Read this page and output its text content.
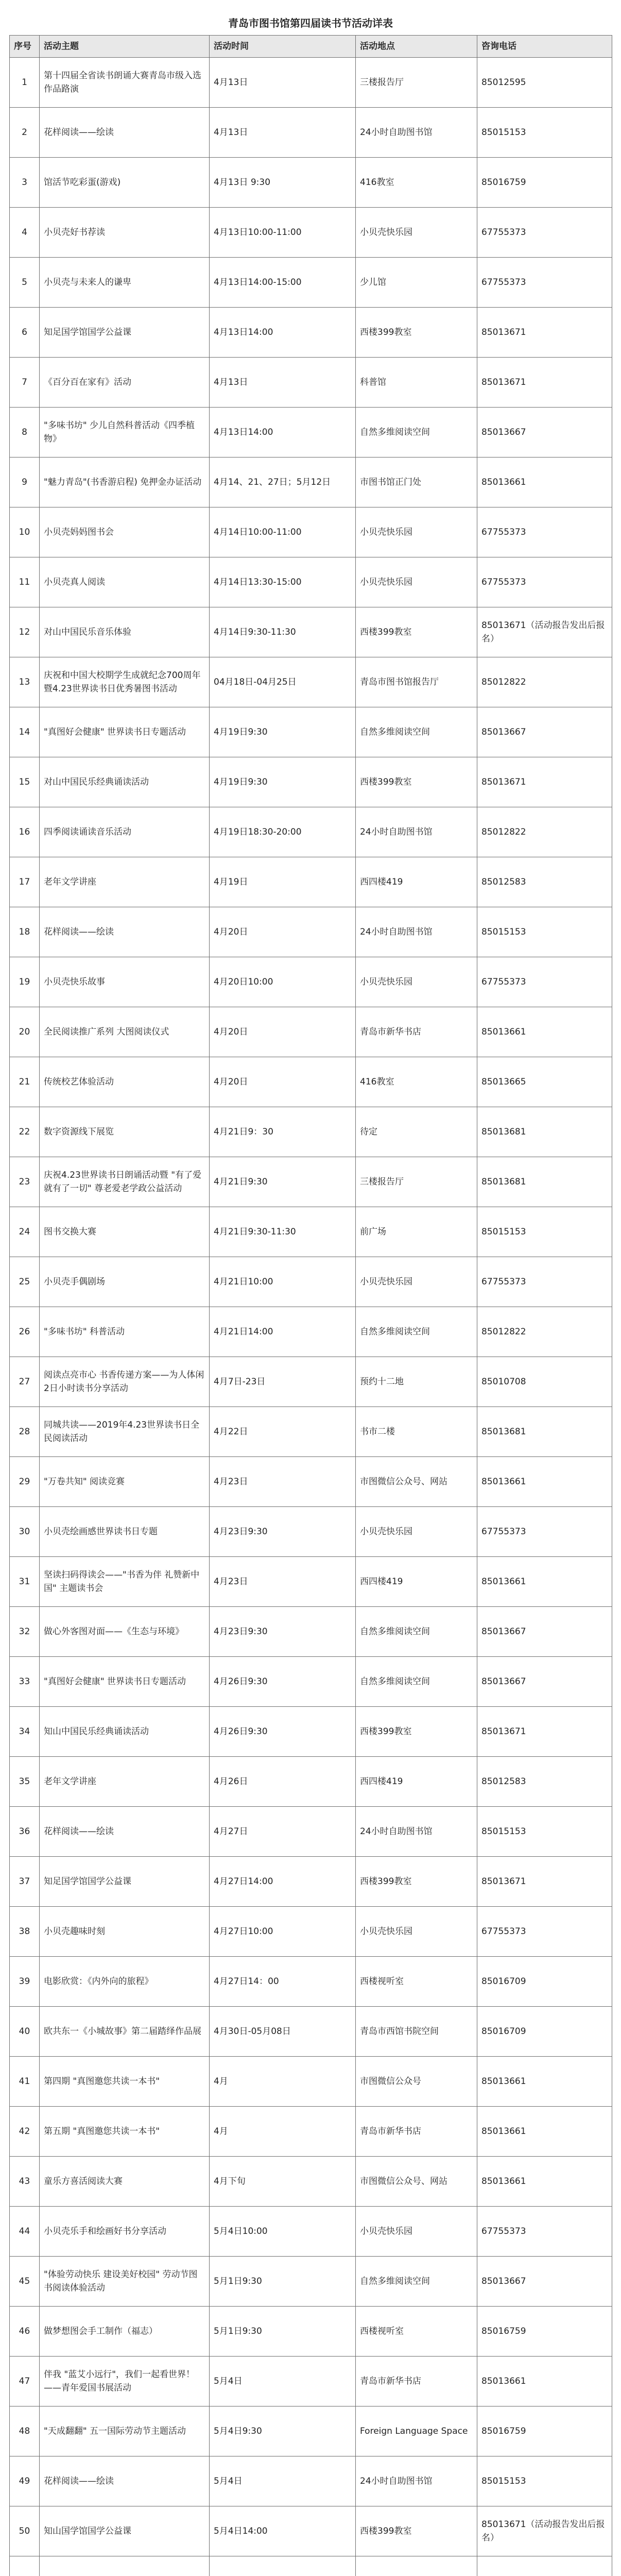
青岛市图书馆第四届读书节活动详表
序号	活动主题	活动时间	活动地点	咨询电话
1	第十四届全省读书朗诵大赛青岛市级入选作品路演	4月13日	三楼报告厅	85012595
2	花样阅读——绘读	4月13日	24小时自助图书馆	85015153
3	馆活节吃彩蛋(游戏)	4月13日 9:30	416教室	85016759
4	小贝壳好书荐读	4月13日10:00-11:00	小贝壳快乐园	67755373
5	小贝壳与未来人的谦卑	4月13日14:00-15:00	少儿馆	67755373
6	知足国学馆国学公益课	4月13日14:00	西楼399教室	85013671
7	《百分百在家有》活动	4月13日	科普馆	85013671
8	"多味书坊" 少儿自然科普活动《四季植物》	4月13日14:00	自然多维阅读空间	85013667
9	"魅力青岛"(书香游启程) 免押金办证活动	4月14、21、27日；5月12日	市图书馆正门处	85013661
10	小贝壳妈妈图书会	4月14日10:00-11:00	小贝壳快乐园	67755373
11	小贝壳真人阅读	4月14日13:30-15:00	小贝壳快乐园	67755373
12	对山中国民乐音乐体验	4月14日9:30-11:30	西楼399教室	85013671（活动报告发出后报名）
13	庆祝和中国大校期学生成就纪念700周年暨4.23世界读书日优秀暑图书活动	04月18日-04月25日	青岛市图书馆报告厅	85012822
14	"真图好会健康" 世界读书日专题活动	4月19日9:30	自然多维阅读空间	85013667
15	对山中国民乐经典诵读活动	4月19日9:30	西楼399教室	85013671
16	四季阅读诵读音乐活动	4月19日18:30-20:00	24小时自助图书馆	85012822
17	老年文学讲座	4月19日	西四楼419	85012583
18	花样阅读——绘读	4月20日	24小时自助图书馆	85015153
19	小贝壳快乐故事	4月20日10:00	小贝壳快乐园	67755373
20	全民阅读推广系列 大图阅读仪式	4月20日	青岛市新华书店	85013661
21	传统校艺体验活动	4月20日	416教室	85013665
22	数字资源线下展览	4月21日9：30	待定	85013681
23	庆祝4.23世界读书日朗诵活动暨 "有了爱就有了一切" 尊老爱老学政公益活动	4月21日9:30	三楼报告厅	85013681
24	图书交换大赛	4月21日9:30-11:30	前广场	85015153
25	小贝壳手偶剧场	4月21日10:00	小贝壳快乐园	67755373
26	"多味书坊" 科普活动	4月21日14:00	自然多维阅读空间	85012822
27	阅读点亮市心 书香传递方案——为人体闲2日小时读书分享活动	4月7日-23日	预约十二地	85010708
28	同城共读——2019年4.23世界读书日全民阅读活动	4月22日	书市二楼	85013681
29	"万卷共知" 阅读竞赛	4月23日	市图微信公众号、网站	85013661
30	小贝壳绘画感世界读书日专题	4月23日9:30	小贝壳快乐园	67755373
31	坚读扫码得读会——"书香为伴 礼赞新中国" 主题读书会	4月23日	西四楼419	85013661
32	做心外客图对面——《生态与环境》	4月23日9:30	自然多维阅读空间	85013667
33	"真图好会健康" 世界读书日专题活动	4月26日9:30	自然多维阅读空间	85013667
34	知山中国民乐经典诵读活动	4月26日9:30	西楼399教室	85013671
35	老年文学讲座	4月26日	西四楼419	85012583
36	花样阅读——绘读	4月27日	24小时自助图书馆	85015153
37	知足国学馆国学公益课	4月27日14:00	西楼399教室	85013671
38	小贝壳趣味时刻	4月27日10:00	小贝壳快乐园	67755373
39	电影欣赏：《内外向的旅程》	4月27日14：00	西楼视听室	85016709
40	欧共东一《小城故事》第二届踏绎作品展	4月30日-05月08日	青岛市西馆书院空间	85016709
41	第四期 "真图邀您共读一本书"	4月	市图微信公众号	85013661
42	第五期 "真图邀您共读一本书"	4月	青岛市新华书店	85013661
43	童乐方喜活阅读大赛	4月下旬	市图微信公众号、网站	85013661
44	小贝壳乐手和绘画好书分享活动	5月4日10:00	小贝壳快乐园	67755373
45	"体验劳动快乐 建设美好校园" 劳动节图书阅读体验活动	5月1日9:30	自然多维阅读空间	85013667
46	做梦想图会手工制作（福志）	5月1日9:30	西楼视听室	85016759
47	伴我 "蓝艾小远行"，我们一起看世界！——青年爱国书展活动	5月4日	青岛市新华书店	85013661
48	"天成翻翻" 五一国际劳动节主题活动	5月4日9:30	Foreign Language Space	85016759
49	花样阅读——绘读	5月4日	24小时自助图书馆	85015153
50	知山国学馆国学公益课	5月4日14:00	西楼399教室	85013671（活动报告发出后报名）
